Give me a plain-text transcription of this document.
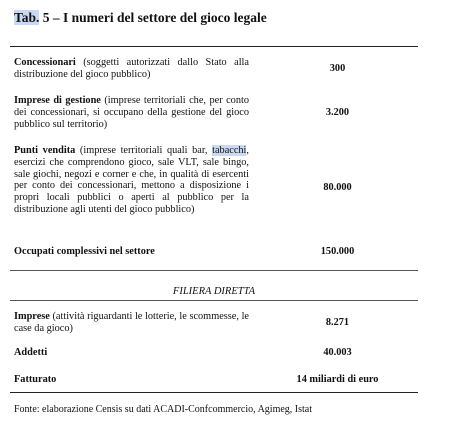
Tab. 5 – I numeri del settore del gioco legale
Concessionari (soggetti autorizzati dallo Stato alla distribuzione del gioco pubblico)
300
Imprese di gestione (imprese territoriali che, per conto dei concessionari, si occupano della gestione del gioco pubblico sul territorio)
3.200
Punti vendita (imprese territoriali quali bar, tabacchi, esercizi che comprendono gioco, sale VLT, sale bingo, sale giochi, negozi e corner e che, in qualità di esercenti per conto dei concessionari, mettono a disposizione i propri locali pubblici o aperti al pubblico per la distribuzione agli utenti del gioco pubblico)
80.000
Occupati complessivi nel settore	150.000
FILIERA DIRETTA
Imprese (attività riguardanti le lotterie, le scommesse, le case da gioco)
8.271
Addetti	40.003
Fatturato	14 miliardi di euro
Fonte: elaborazione Censis su dati ACADI-Confcommercio, Agimeg, Istat
